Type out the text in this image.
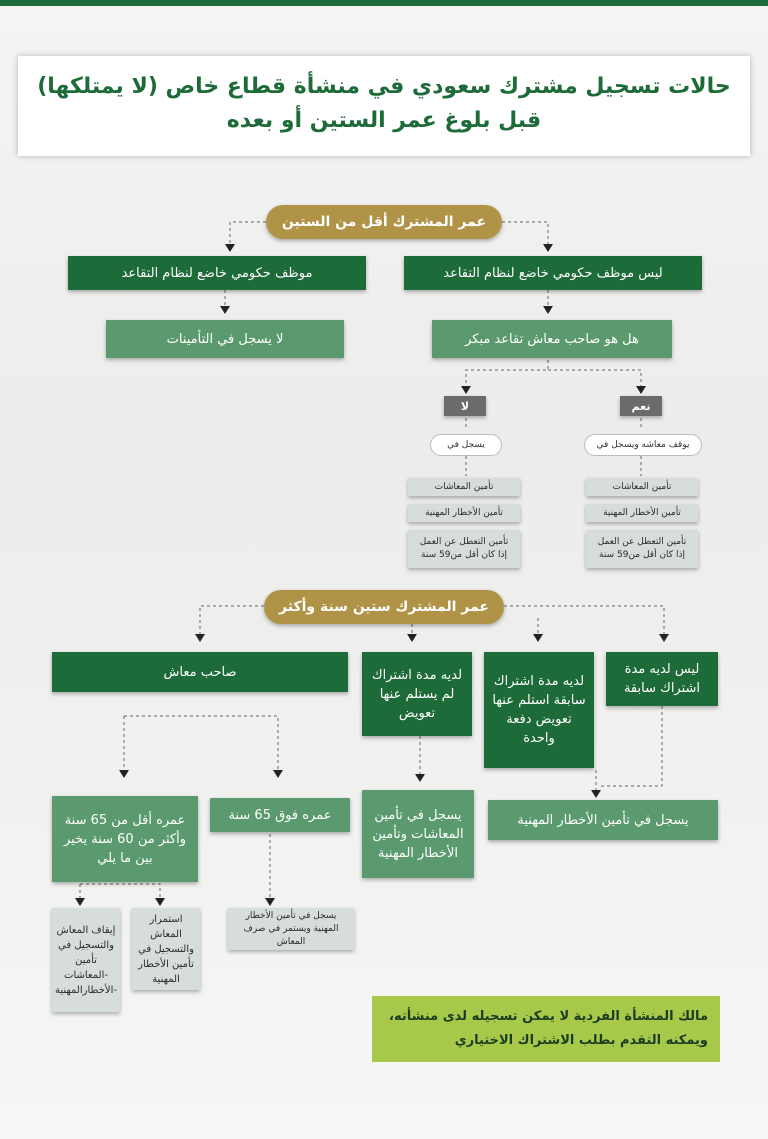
حالات تسجيل مشترك سعودي في منشأة قطاع خاص (لا يمتلكها)
قبل بلوغ عمر الستين أو بعده
عمر المشترك أقل من الستين
موظف حكومي خاضع لنظام التقاعد	ليس موظف حكومي خاضع لنظام التقاعد
لا يسجل في التأمينات	هل هو صاحب معاش تقاعد مبكر
لا	نعم
يسجل في	يوقف معاشه ويسجل في
تأمين المعاشات
تأمين الأخطار المهنية
تأمين التعطل عن العمل
إذا كان أقل من59 سنة
تأمين المعاشات
تأمين الأخطار المهنية
تأمين التعطل عن العمل
إذا كان أقل من59 سنة
عمر المشترك ستين سنة وأكثر
صاحب معاش	لديه مدة اشتراك لم يستلم عنها تعويض
لديه مدة اشتراك سابقة استلم عنها تعويض دفعة واحدة
ليس لديه مدة اشتراك سابقة
يسجل في تأمين الأخطار المهنية
يسجل في تأمين المعاشات وتأمين الأخطار المهنية
عمره فوق 65 سنة
عمره أقل من 65 سنة وأكثر من 60 سنة يخير بين ما يلي
يسجل في تأمين الأخطار المهنية ويستمر في صرف المعاش
استمرار المعاش والتسجيل في تأمين الأخطار المهنية
إيقاف المعاش والتسجيل في تأمين -المعاشات -الأخطارالمهنية
مالك المنشأة الفردية لا يمكن تسجيله لدى منشأته،
ويمكنه التقدم بطلب الاشتراك الاختياري
